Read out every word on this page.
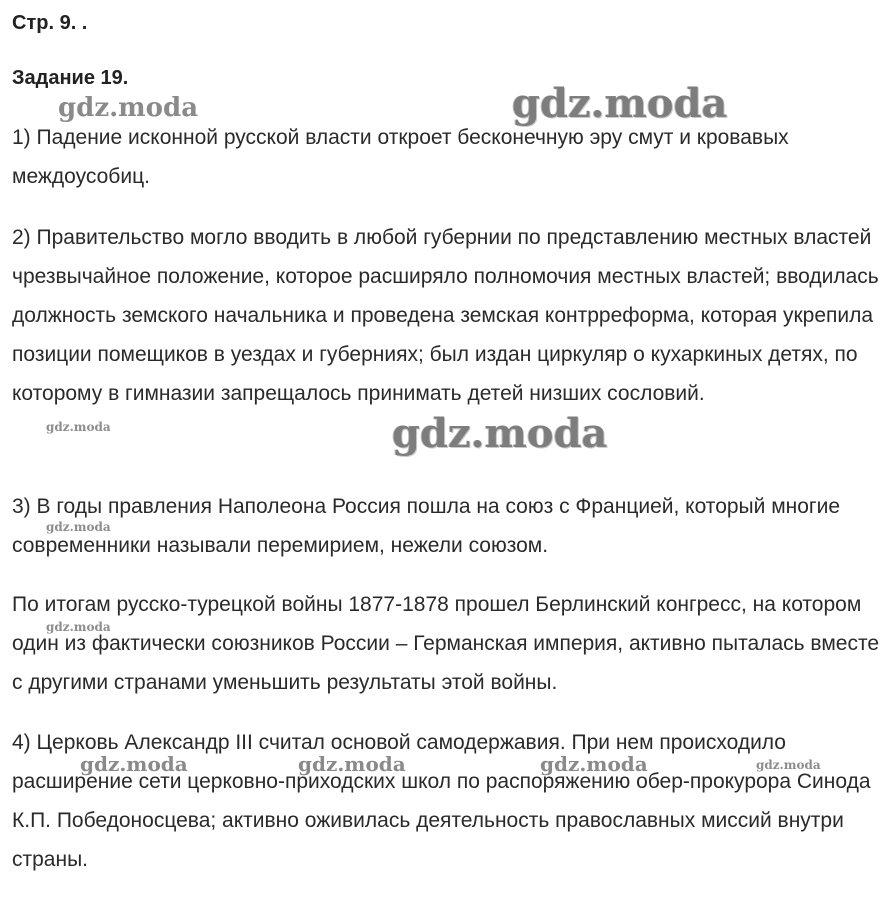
Стр. 9. .
Задание 19.

1) Падение исконной русской власти откроет бесконечную эру смут и кровавых междоусобиц.

2) Правительство могло вводить в любой губернии по представлению местных властей чрезвычайное положение, которое расширяло полномочия местных властей; вводилась должность земского начальника и проведена земская контрреформа, которая укрепила позиции помещиков в уездах и губерниях; был издан циркуляр о кухаркиных детях, по которому в гимназии запрещалось принимать детей низших сословий.

3) В годы правления Наполеона Россия пошла на союз с Францией, который многие современники называли перемирием, нежели союзом.

По итогам русско-турецкой войны 1877-1878 прошел Берлинский конгресс, на котором один из фактически союзников России – Германская империя, активно пыталась вместе с другими странами уменьшить результаты этой войны.

4) Церковь Александр III считал основой самодержавия. При нем происходило расширение сети церковно-приходских школ по распоряжению обер-прокурора Синода К.П. Победоносцева; активно оживилась деятельность православных миссий внутри страны.

gdz.moda	gdz.moda
gdz.moda	gdz.moda
gdz.moda
gdz.moda
gdz.moda	gdz.moda	gdz.moda	gdz.moda
